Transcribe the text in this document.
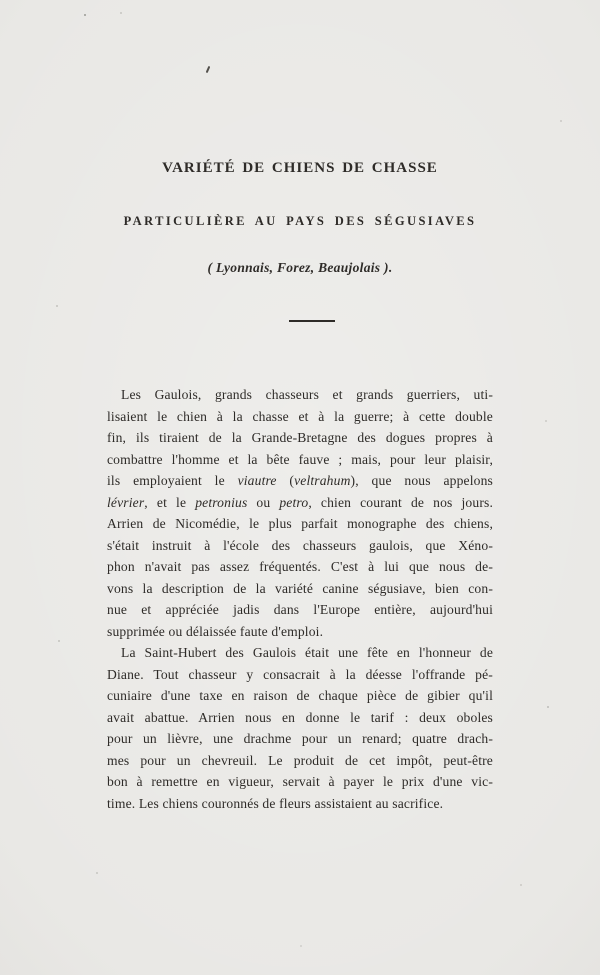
VARIÉTÉ DE CHIENS DE CHASSE
PARTICULIÈRE AU PAYS DES SÉGUSIAVES
( Lyonnais, Forez, Beaujolais ).

Les Gaulois, grands chasseurs et grands guerriers, uti-
lisaient le chien à la chasse et à la guerre; à cette double
fin, ils tiraient de la Grande-Bretagne des dogues propres à
combattre l'homme et la bête fauve ; mais, pour leur plaisir,
ils employaient le viautre (veltrahum), que nous appelons
lévrier, et le petronius ou petro, chien courant de nos jours.
Arrien de Nicomédie, le plus parfait monographe des chiens,
s'était instruit à l'école des chasseurs gaulois, que Xéno-
phon n'avait pas assez fréquentés. C'est à lui que nous de-
vons la description de la variété canine ségusiave, bien con-
nue et appréciée jadis dans l'Europe entière, aujourd'hui
supprimée ou délaissée faute d'emploi.

La Saint-Hubert des Gaulois était une fête en l'honneur de
Diane. Tout chasseur y consacrait à la déesse l'offrande pé-
cuniaire d'une taxe en raison de chaque pièce de gibier qu'il
avait abattue. Arrien nous en donne le tarif : deux oboles
pour un lièvre, une drachme pour un renard; quatre drach-
mes pour un chevreuil. Le produit de cet impôt, peut-être
bon à remettre en vigueur, servait à payer le prix d'une vic-
time. Les chiens couronnés de fleurs assistaient au sacrifice.
